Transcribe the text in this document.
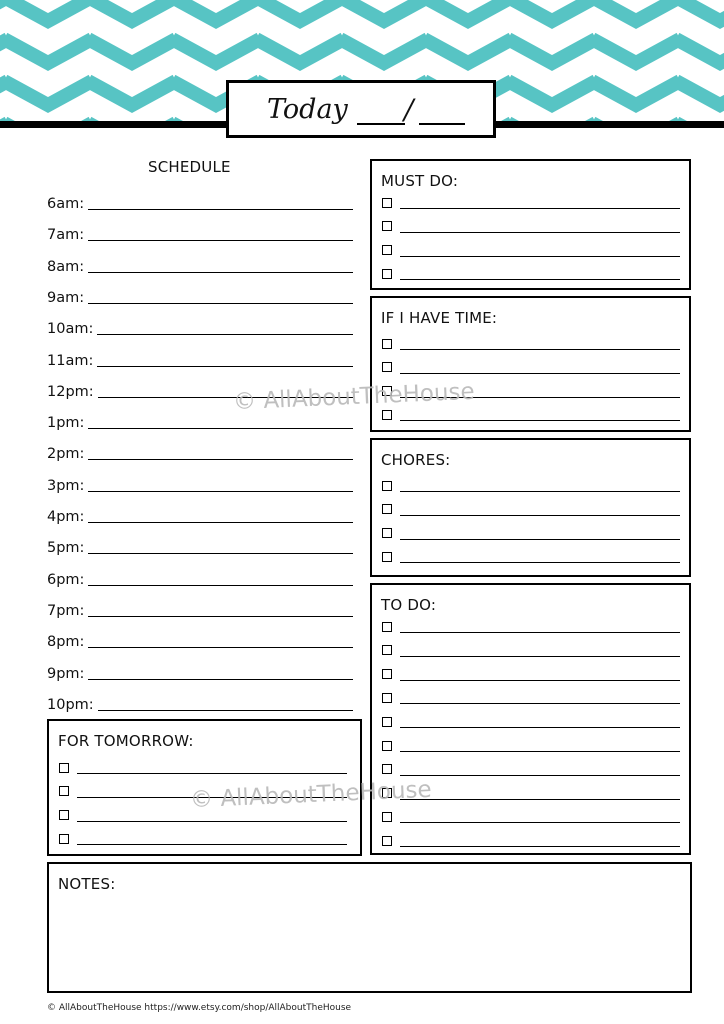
Today /
SCHEDULE
6am:
7am:
8am:
9am:
10am:
11am:
12pm:
1pm:
2pm:
3pm:
4pm:
5pm:
6pm:
7pm:
8pm:
9pm:
10pm:
MUST DO:
IF I HAVE TIME:
CHORES:
TO DO:
FOR TOMORROW:
NOTES:
© AllAboutTheHouse
© AllAboutTheHouse
© AllAboutTheHouse https://www.etsy.com/shop/AllAboutTheHouse
